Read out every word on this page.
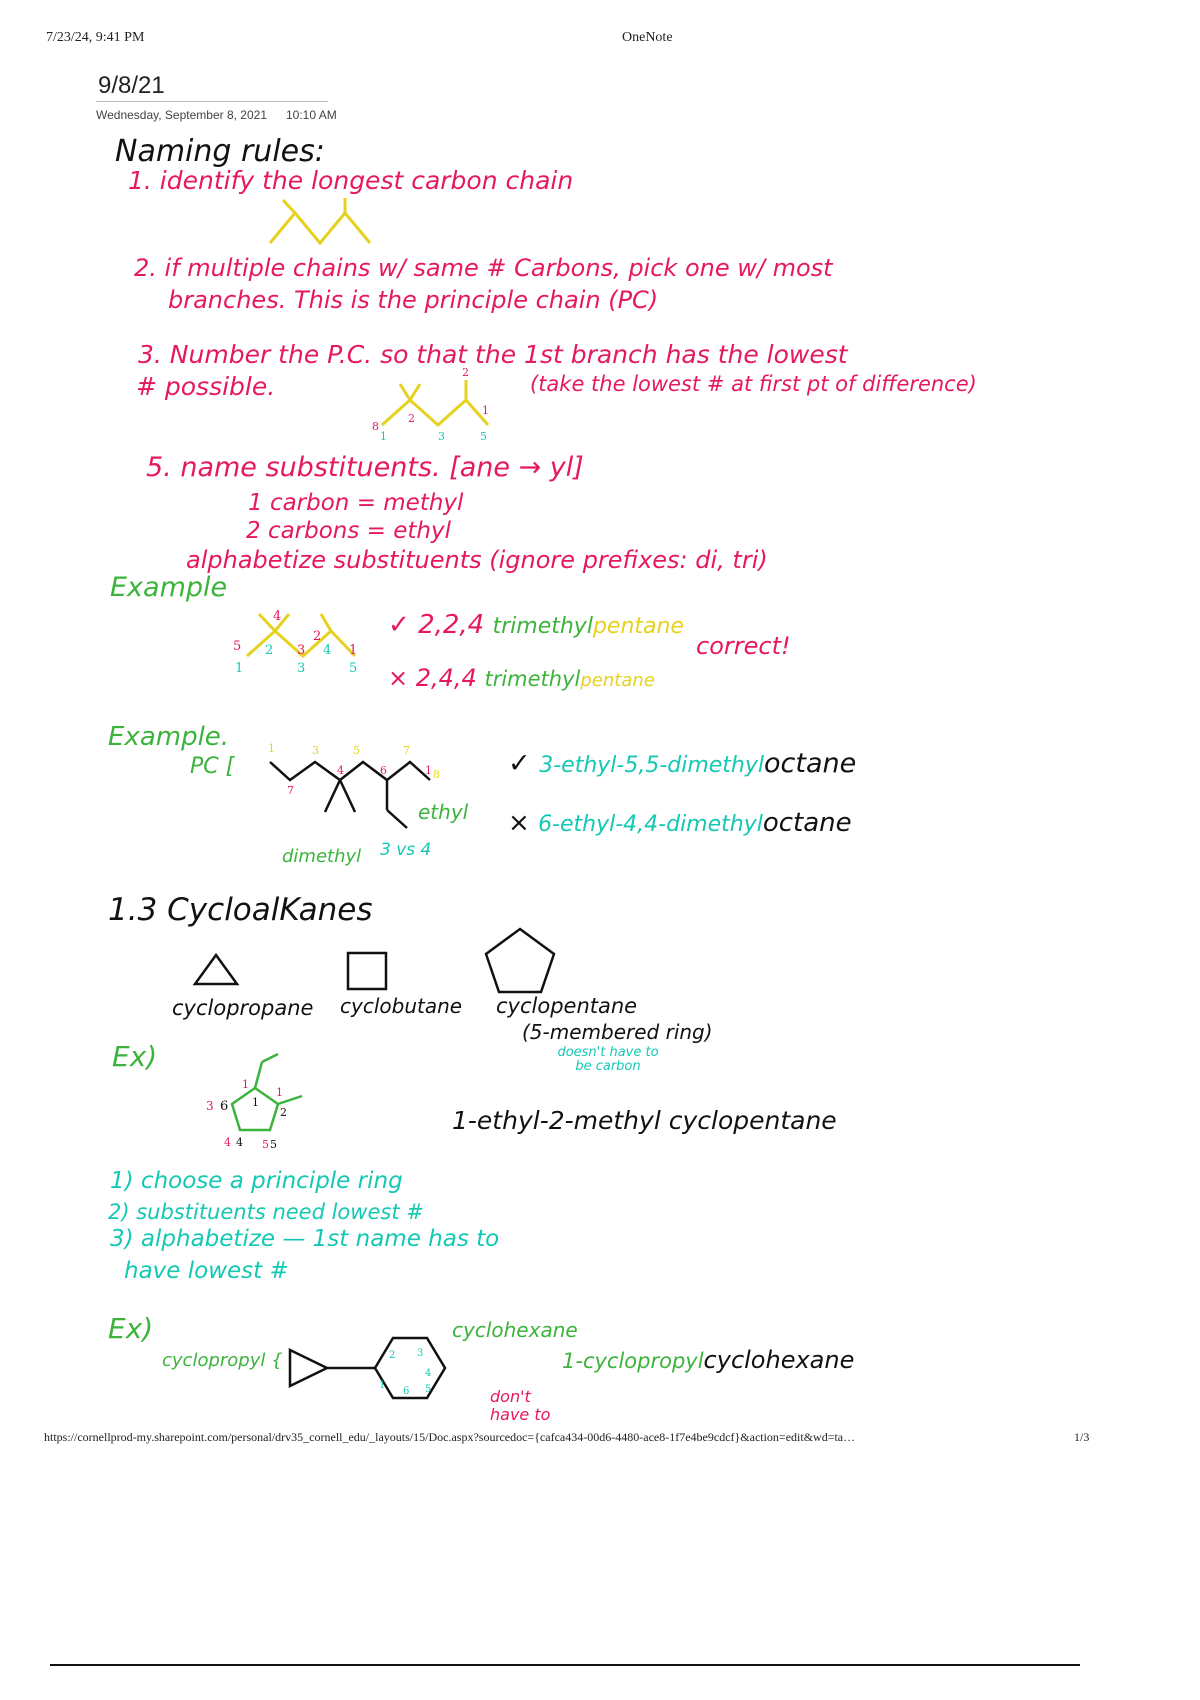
7/23/24, 9:41 PM	OneNote
9/8/21
Wednesday, September 8, 2021 10:10 AM
Naming rules:
1. identify the longest carbon chain
2. if multiple chains w/ same # Carbons, pick one w/ most
branches. This is the principle chain (PC)
3. Number the P.C. so that the 1st branch has the lowest
# possible.	(take the lowest # at first pt of difference)
8
1
2
3
2
1
5
5. name substituents. [ane → yl]
1 carbon = methyl
2 carbons = ethyl
alphabetize substituents (ignore prefixes: di, tri)
Example
5
1
2
4
3
3
2
4 1
5
✓ 2,2,4 trimethylpentane
correct!
× 2,4,4 trimethylpentane
Example.
PC [
1
7
3
4
5
6
7
1 8
ethyl
dimethyl 3 vs 4
✓ 3-ethyl-5,5-dimethyloctane
× 6-ethyl-4,4-dimethyloctane
1.3 CycloalKanes
cyclopropane cyclobutane cyclopentane
(5-membered ring)
doesn't have to be carbon
Ex)
1
1
1
2
3 6
4 4 5 5
1-ethyl-2-methyl cyclopentane
1) choose a principle ring
2) substituents need lowest #
3) alphabetize — 1st name has to
have lowest #
Ex)
cyclopropyl {	2 3
1
4
5
6
cyclohexane
1-cyclopropylcyclohexane
don't have to
https://cornellprod-my.sharepoint.com/personal/drv35_cornell_edu/_layouts/15/Doc.aspx?sourcedoc={cafca434-00d6-4480-ace8-1f7e4be9cdcf}&action=edit&wd=ta…	1/3
